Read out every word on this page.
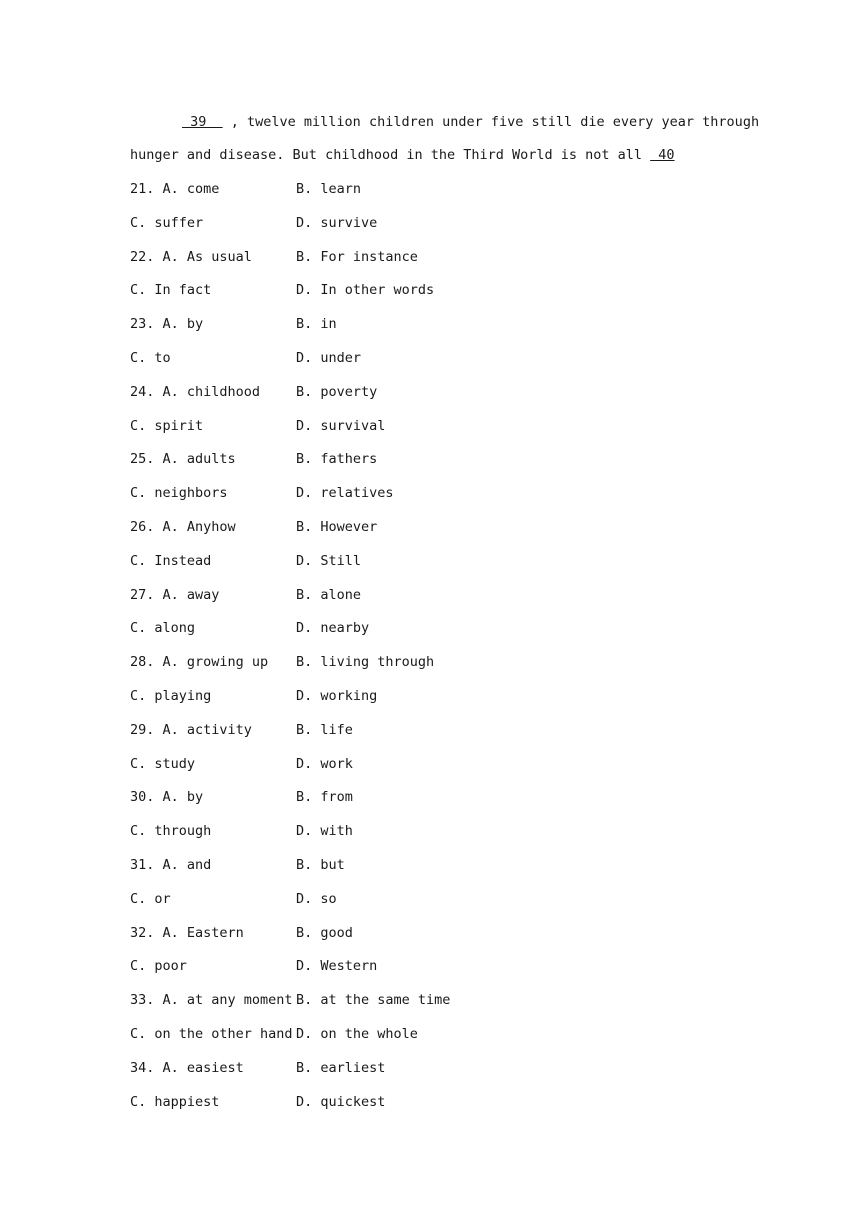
39   , twelve million children under five still die every year through
hunger and disease. But childhood in the Third World is not all  40
21. A. come	B. learn
C. suffer	D. survive
22. A. As usual	B. For instance
C. In fact	D. In other words
23. A. by	B. in
C. to	D. under
24. A. childhood	B. poverty
C. spirit	D. survival
25. A. adults	B. fathers
C. neighbors	D. relatives
26. A. Anyhow	B. However
C. Instead	D. Still
27. A. away	B. alone
C. along	D. nearby
28. A. growing up B. living through
C. playing	D. working
29. A. activity	B. life
C. study	D. work
30. A. by	B. from
C. through	D. with
31. A. and	B. but
C. or	D. so
32. A. Eastern	B. good
C. poor	D. Western
33. A. at any moment B. at the same time
C. on the other hand D. on the whole
34. A. easiest	B. earliest
C. happiest	D. quickest
